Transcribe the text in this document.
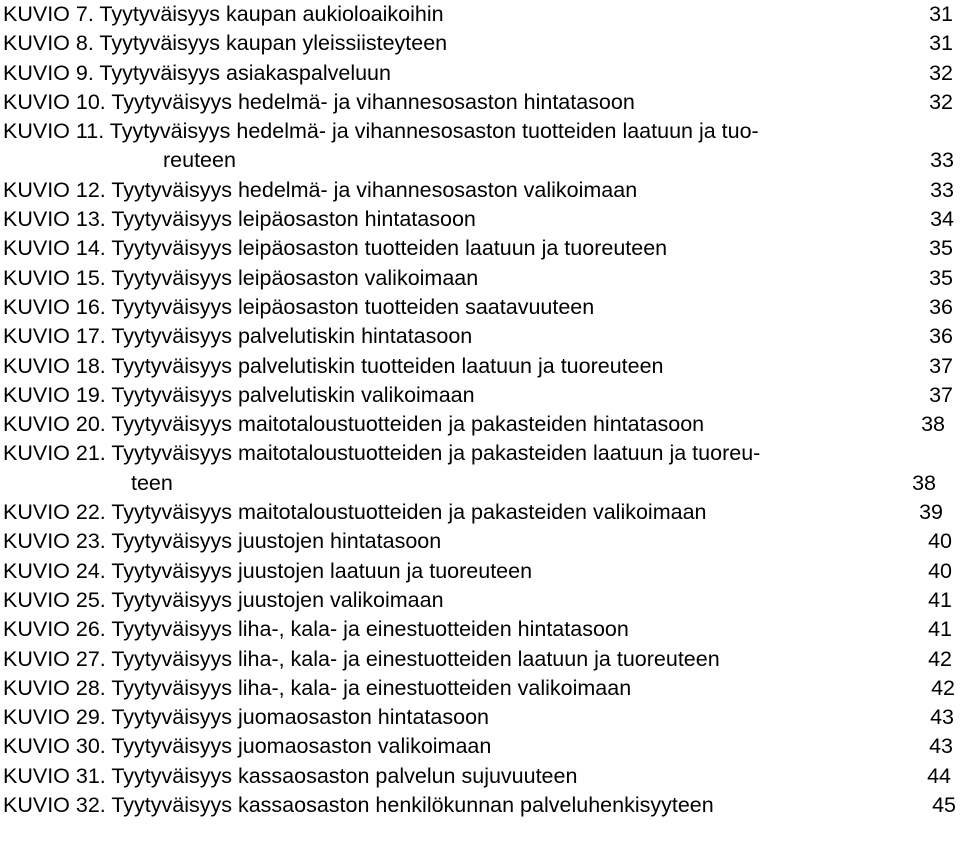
KUVIO 7. Tyytyväisyys kaupan aukioloaikoihin	31
KUVIO 8. Tyytyväisyys kaupan yleissiisteyteen	31
KUVIO 9. Tyytyväisyys asiakaspalveluun	32
KUVIO 10. Tyytyväisyys hedelmä- ja vihannesosaston hintatasoon	32
KUVIO 11. Tyytyväisyys hedelmä- ja vihannesosaston tuotteiden laatuun ja tuo-
reuteen	33
KUVIO 12. Tyytyväisyys hedelmä- ja vihannesosaston valikoimaan	33
KUVIO 13. Tyytyväisyys leipäosaston hintatasoon	34
KUVIO 14. Tyytyväisyys leipäosaston tuotteiden laatuun ja tuoreuteen	35
KUVIO 15. Tyytyväisyys leipäosaston valikoimaan	35
KUVIO 16. Tyytyväisyys leipäosaston tuotteiden saatavuuteen	36
KUVIO 17. Tyytyväisyys palvelutiskin hintatasoon	36
KUVIO 18. Tyytyväisyys palvelutiskin tuotteiden laatuun ja tuoreuteen	37
KUVIO 19. Tyytyväisyys palvelutiskin valikoimaan	37
KUVIO 20. Tyytyväisyys maitotaloustuotteiden ja pakasteiden hintatasoon	38
KUVIO 21. Tyytyväisyys maitotaloustuotteiden ja pakasteiden laatuun ja tuoreu-
teen	38
KUVIO 22. Tyytyväisyys maitotaloustuotteiden ja pakasteiden valikoimaan	39
KUVIO 23. Tyytyväisyys juustojen hintatasoon	40
KUVIO 24. Tyytyväisyys juustojen laatuun ja tuoreuteen	40
KUVIO 25. Tyytyväisyys juustojen valikoimaan	41
KUVIO 26. Tyytyväisyys liha-, kala- ja einestuotteiden hintatasoon	41
KUVIO 27. Tyytyväisyys liha-, kala- ja einestuotteiden laatuun ja tuoreuteen	42
KUVIO 28. Tyytyväisyys liha-, kala- ja einestuotteiden valikoimaan	42
KUVIO 29. Tyytyväisyys juomaosaston hintatasoon	43
KUVIO 30. Tyytyväisyys juomaosaston valikoimaan	43
KUVIO 31. Tyytyväisyys kassaosaston palvelun sujuvuuteen	44
KUVIO 32. Tyytyväisyys kassaosaston henkilökunnan palveluhenkisyyteen	45
